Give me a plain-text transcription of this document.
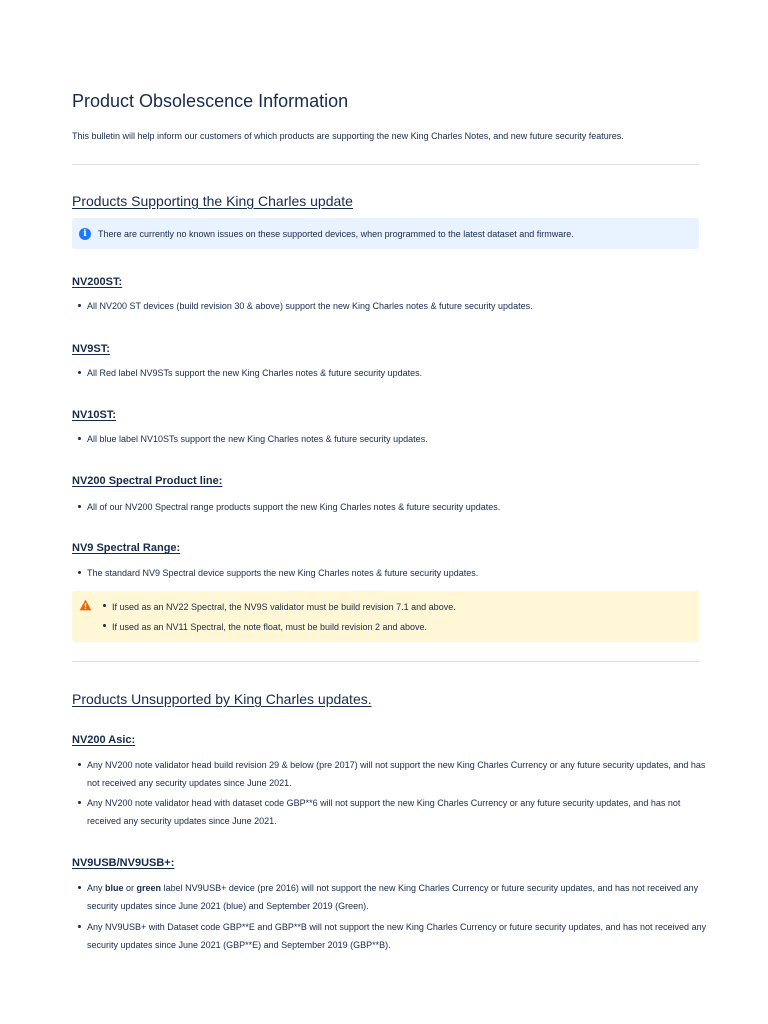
Product Obsolescence Information
This bulletin will help inform our customers of which products are supporting the new King Charles Notes, and new future security features.
Products Supporting the King Charles update
i	There are currently no known issues on these supported devices, when programmed to the latest dataset and firmware.
NV200ST:
All NV200 ST devices (build revision 30 & above) support the new King Charles notes & future security updates.
NV9ST:
All Red label NV9STs support the new King Charles notes & future security updates.
NV10ST:
All blue label NV10STs support the new King Charles notes & future security updates.
NV200 Spectral Product line:
All of our NV200 Spectral range products support the new King Charles notes & future security updates.
NV9 Spectral Range:
The standard NV9 Spectral device supports the new King Charles notes & future security updates.
If used as an NV22 Spectral, the NV9S validator must be build revision 7.1 and above.
If used as an NV11 Spectral, the note float, must be build revision 2 and above.
Products Unsupported by King Charles updates.
NV200 Asic:
Any NV200 note validator head build revision 29 & below (pre 2017) will not support the new King Charles Currency or any future security updates, and has not received any security updates since June 2021.
Any NV200 note validator head with dataset code GBP**6 will not support the new King Charles Currency or any future security updates, and has not received any security updates since June 2021.
NV9USB/NV9USB+:
Any blue or green label NV9USB+ device (pre 2016) will not support the new King Charles Currency or future security updates, and has not received any security updates since June 2021 (blue) and September 2019 (Green).
Any NV9USB+ with Dataset code GBP**E and GBP**B will not support the new King Charles Currency or future security updates, and has not received any security updates since June 2021 (GBP**E) and September 2019 (GBP**B).
